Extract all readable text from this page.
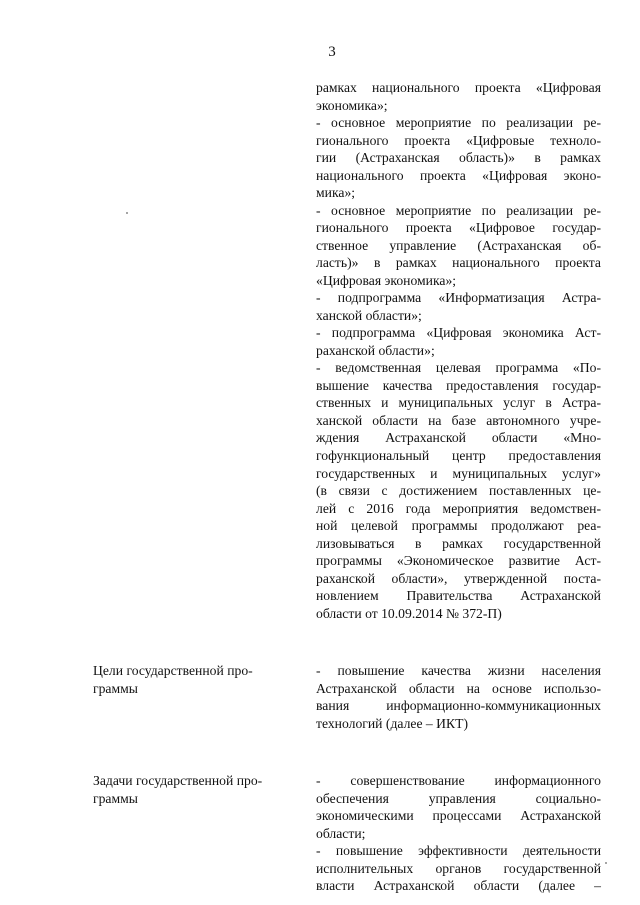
3
рамках национального проекта «Цифровая
экономика»;
- основное мероприятие по реализации ре-
гионального проекта «Цифровые техноло-
гии (Астраханская область)» в рамках
национального проекта «Цифровая эконо-
мика»;
- основное мероприятие по реализации ре-
гионального проекта «Цифровое государ-
ственное управление (Астраханская об-
ласть)» в рамках национального проекта
«Цифровая экономика»;
- подпрограмма «Информатизация Астра-
ханской области»;
- подпрограмма «Цифровая экономика Аст-
раханской области»;
- ведомственная целевая программа «По-
вышение качества предоставления государ-
ственных и муниципальных услуг в Астра-
ханской области на базе автономного учре-
ждения Астраханской области «Мно-
гофункциональный центр предоставления
государственных и муниципальных услуг»
(в связи с достижением поставленных це-
лей с 2016 года мероприятия ведомствен-
ной целевой программы продолжают реа-
лизовываться в рамках государственной
программы «Экономическое развитие Аст-
раханской области», утвержденной поста-
новлением Правительства Астраханской
области от 10.09.2014 № 372-П)
Цели государственной про-
граммы
- повышение качества жизни населения
Астраханской области на основе использо-
вания информационно-коммуникационных
технологий (далее – ИКТ)
Задачи государственной про-
граммы
- совершенствование информационного
обеспечения управления социально-
экономическими процессами Астраханской
области;
- повышение эффективности деятельности
исполнительных органов государственной
власти Астраханской области (далее –
